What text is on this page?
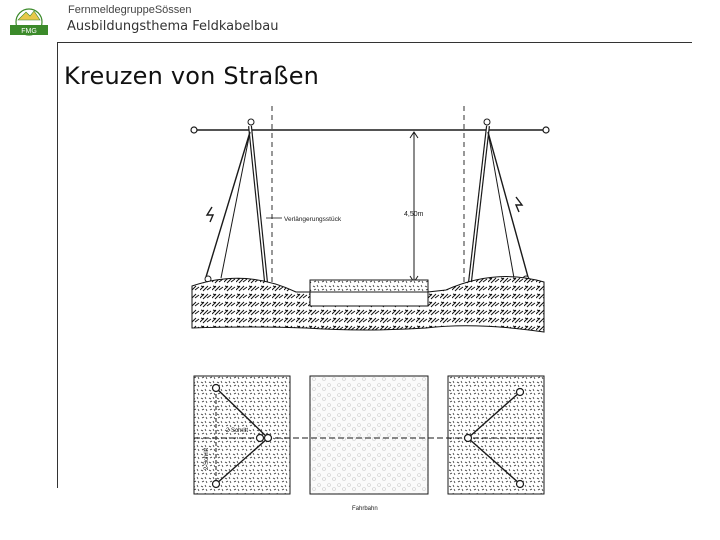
FMG
FernmeldegruppeSössen
Ausbildungsthema Feldkabelbau
Kreuzen von Straßen
4,50m
Verlängerungsstück
2 Schritt
2 Schritt
Fahrbahn
